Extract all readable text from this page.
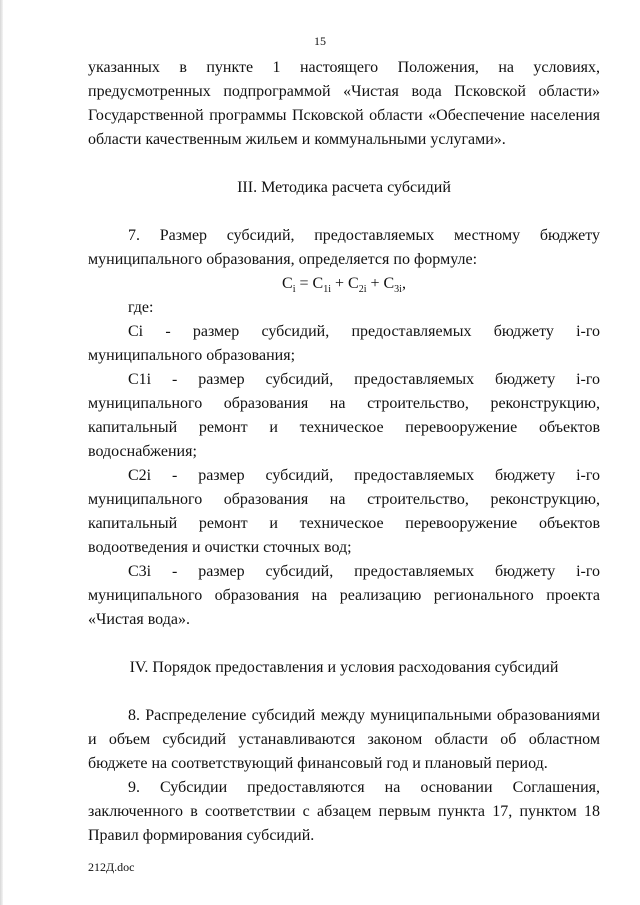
15

указанных в пункте 1 настоящего Положения, на условиях, предусмотренных подпрограммой «Чистая вода Псковской области» Государственной программы Псковской области «Обеспечение населения области качественным жильем и коммунальными услугами».

III. Методика расчета субсидий

7. Размер субсидий, предоставляемых местному бюджету муниципального образования, определяется по формуле:

$C_i = C_{1i} + C_{2i} + C_{3i}$,

где:

Ci - размер субсидий, предоставляемых бюджету i-го муниципального образования;

C1i - размер субсидий, предоставляемых бюджету i-го муниципального образования на строительство, реконструкцию, капитальный ремонт и техническое перевооружение объектов водоснабжения;

C2i - размер субсидий, предоставляемых бюджету i-го муниципального образования на строительство, реконструкцию, капитальный ремонт и техническое перевооружение объектов водоотведения и очистки сточных вод;

C3i - размер субсидий, предоставляемых бюджету i-го муниципального образования на реализацию регионального проекта «Чистая вода».

IV. Порядок предоставления и условия расходования субсидий

8. Распределение субсидий между муниципальными образованиями и объем субсидий устанавливаются законом области об областном бюджете на соответствующий финансовый год и плановый период.

9. Субсидии предоставляются на основании Соглашения, заключенного в соответствии с абзацем первым пункта 17, пунктом 18 Правил формирования субсидий.

212Д.doc
